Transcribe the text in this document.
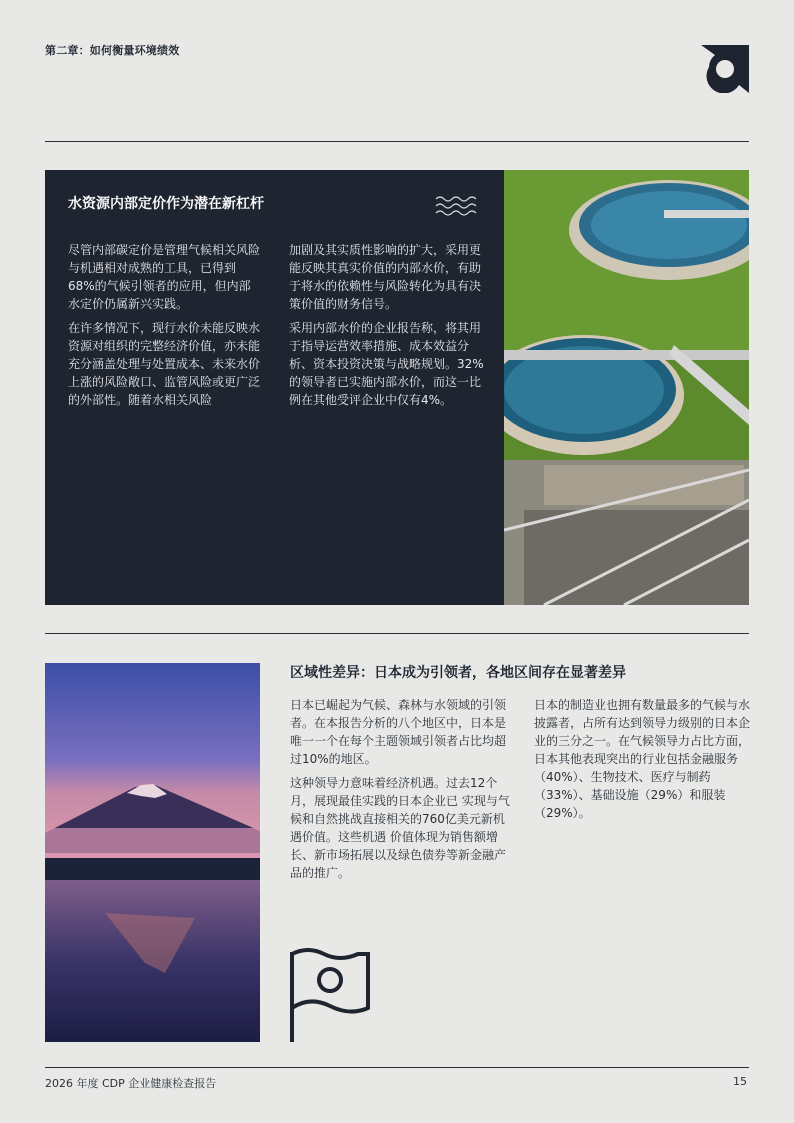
第二章：如何衡量环境绩效
水资源内部定价作为潜在新杠杆

尽管内部碳定价是管理气候相关风险与机遇相对成熟的工具，已得到68%的气候引领者的应用，但内部水定价仍属新兴实践。

在许多情况下，现行水价未能反映水资源对组织的完整经济价值，亦未能充分涵盖处理与处置成本、未来水价上涨的风险敞口、监管风险或更广泛的外部性。随着水相关风险

加剧及其实质性影响的扩大，采用更能反映其真实价值的内部水价，有助于将水的依赖性与风险转化为具有决策价值的财务信号。

采用内部水价的企业报告称，将其用于指导运营效率措施、成本效益分析、资本投资决策与战略规划。32%的领导者已实施内部水价，而这一比例在其他受评企业中仅有4%。

区域性差异：日本成为引领者，各地区间存在显著差异

日本已崛起为气候、森林与水领域的引领者。在本报告分析的八个地区中，日本是唯一一个在每个主题领域引领者占比均超过10%的地区。

这种领导力意味着经济机遇。过去12个月，展现最佳实践的日本企业已 实现与气候和自然挑战直接相关的760亿美元新机遇价值。这些机遇 价值体现为销售额增长、新市场拓展以及绿色债券等新金融产品的推广。

日本的制造业也拥有数量最多的气候与水披露者，占所有达到领导力级别的日本企业的三分之一。在气候领导力占比方面，日本其他表现突出的行业包括金融服务（40%）、生物技术、医疗与制药（33%）、基础设施（29%）和服装（29%）。

2026 年度 CDP 企业健康检查报告	15
